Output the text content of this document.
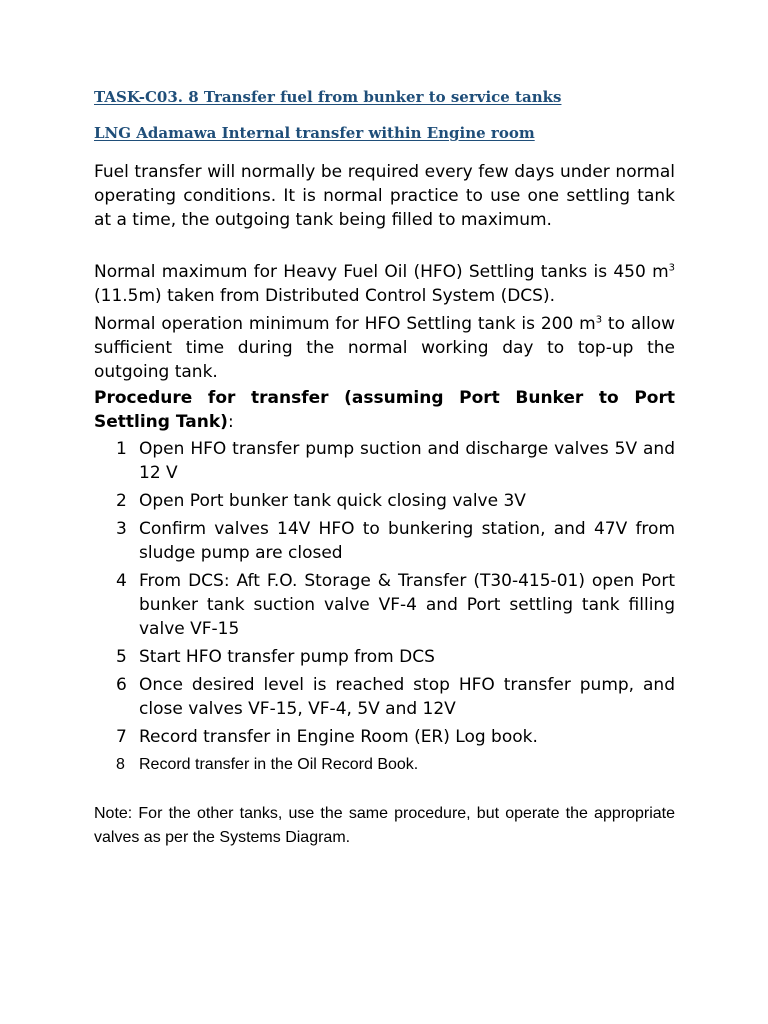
TASK-C03. 8 Transfer fuel from bunker to service tanks
LNG Adamawa Internal transfer within Engine room
Fuel transfer will normally be required every few days under normal operating conditions. It is normal practice to use one settling tank at a time, the outgoing tank being filled to maximum.
Normal maximum for Heavy Fuel Oil (HFO) Settling tanks is 450 $m^3$ (11.5m) taken from Distributed Control System (DCS).
Normal operation minimum for HFO Settling tank is 200 $m^3$ to allow sufficient time during the normal working day to top-up the outgoing tank.
Procedure for transfer (assuming Port Bunker to Port Settling Tank):
1 Open HFO transfer pump suction and discharge valves 5V and 12 V
2 Open Port bunker tank quick closing valve 3V
3 Confirm valves 14V HFO to bunkering station, and 47V from sludge pump are closed
4 From DCS: Aft F.O. Storage & Transfer (T30-415-01) open Port bunker tank suction valve VF-4 and Port settling tank filling valve VF-15
5 Start HFO transfer pump from DCS
6 Once desired level is reached stop HFO transfer pump, and close valves VF-15, VF-4, 5V and 12V
7 Record transfer in Engine Room (ER) Log book.
8 Record transfer in the Oil Record Book.
Note: For the other tanks, use the same procedure, but operate the appropriate valves as per the Systems Diagram.
